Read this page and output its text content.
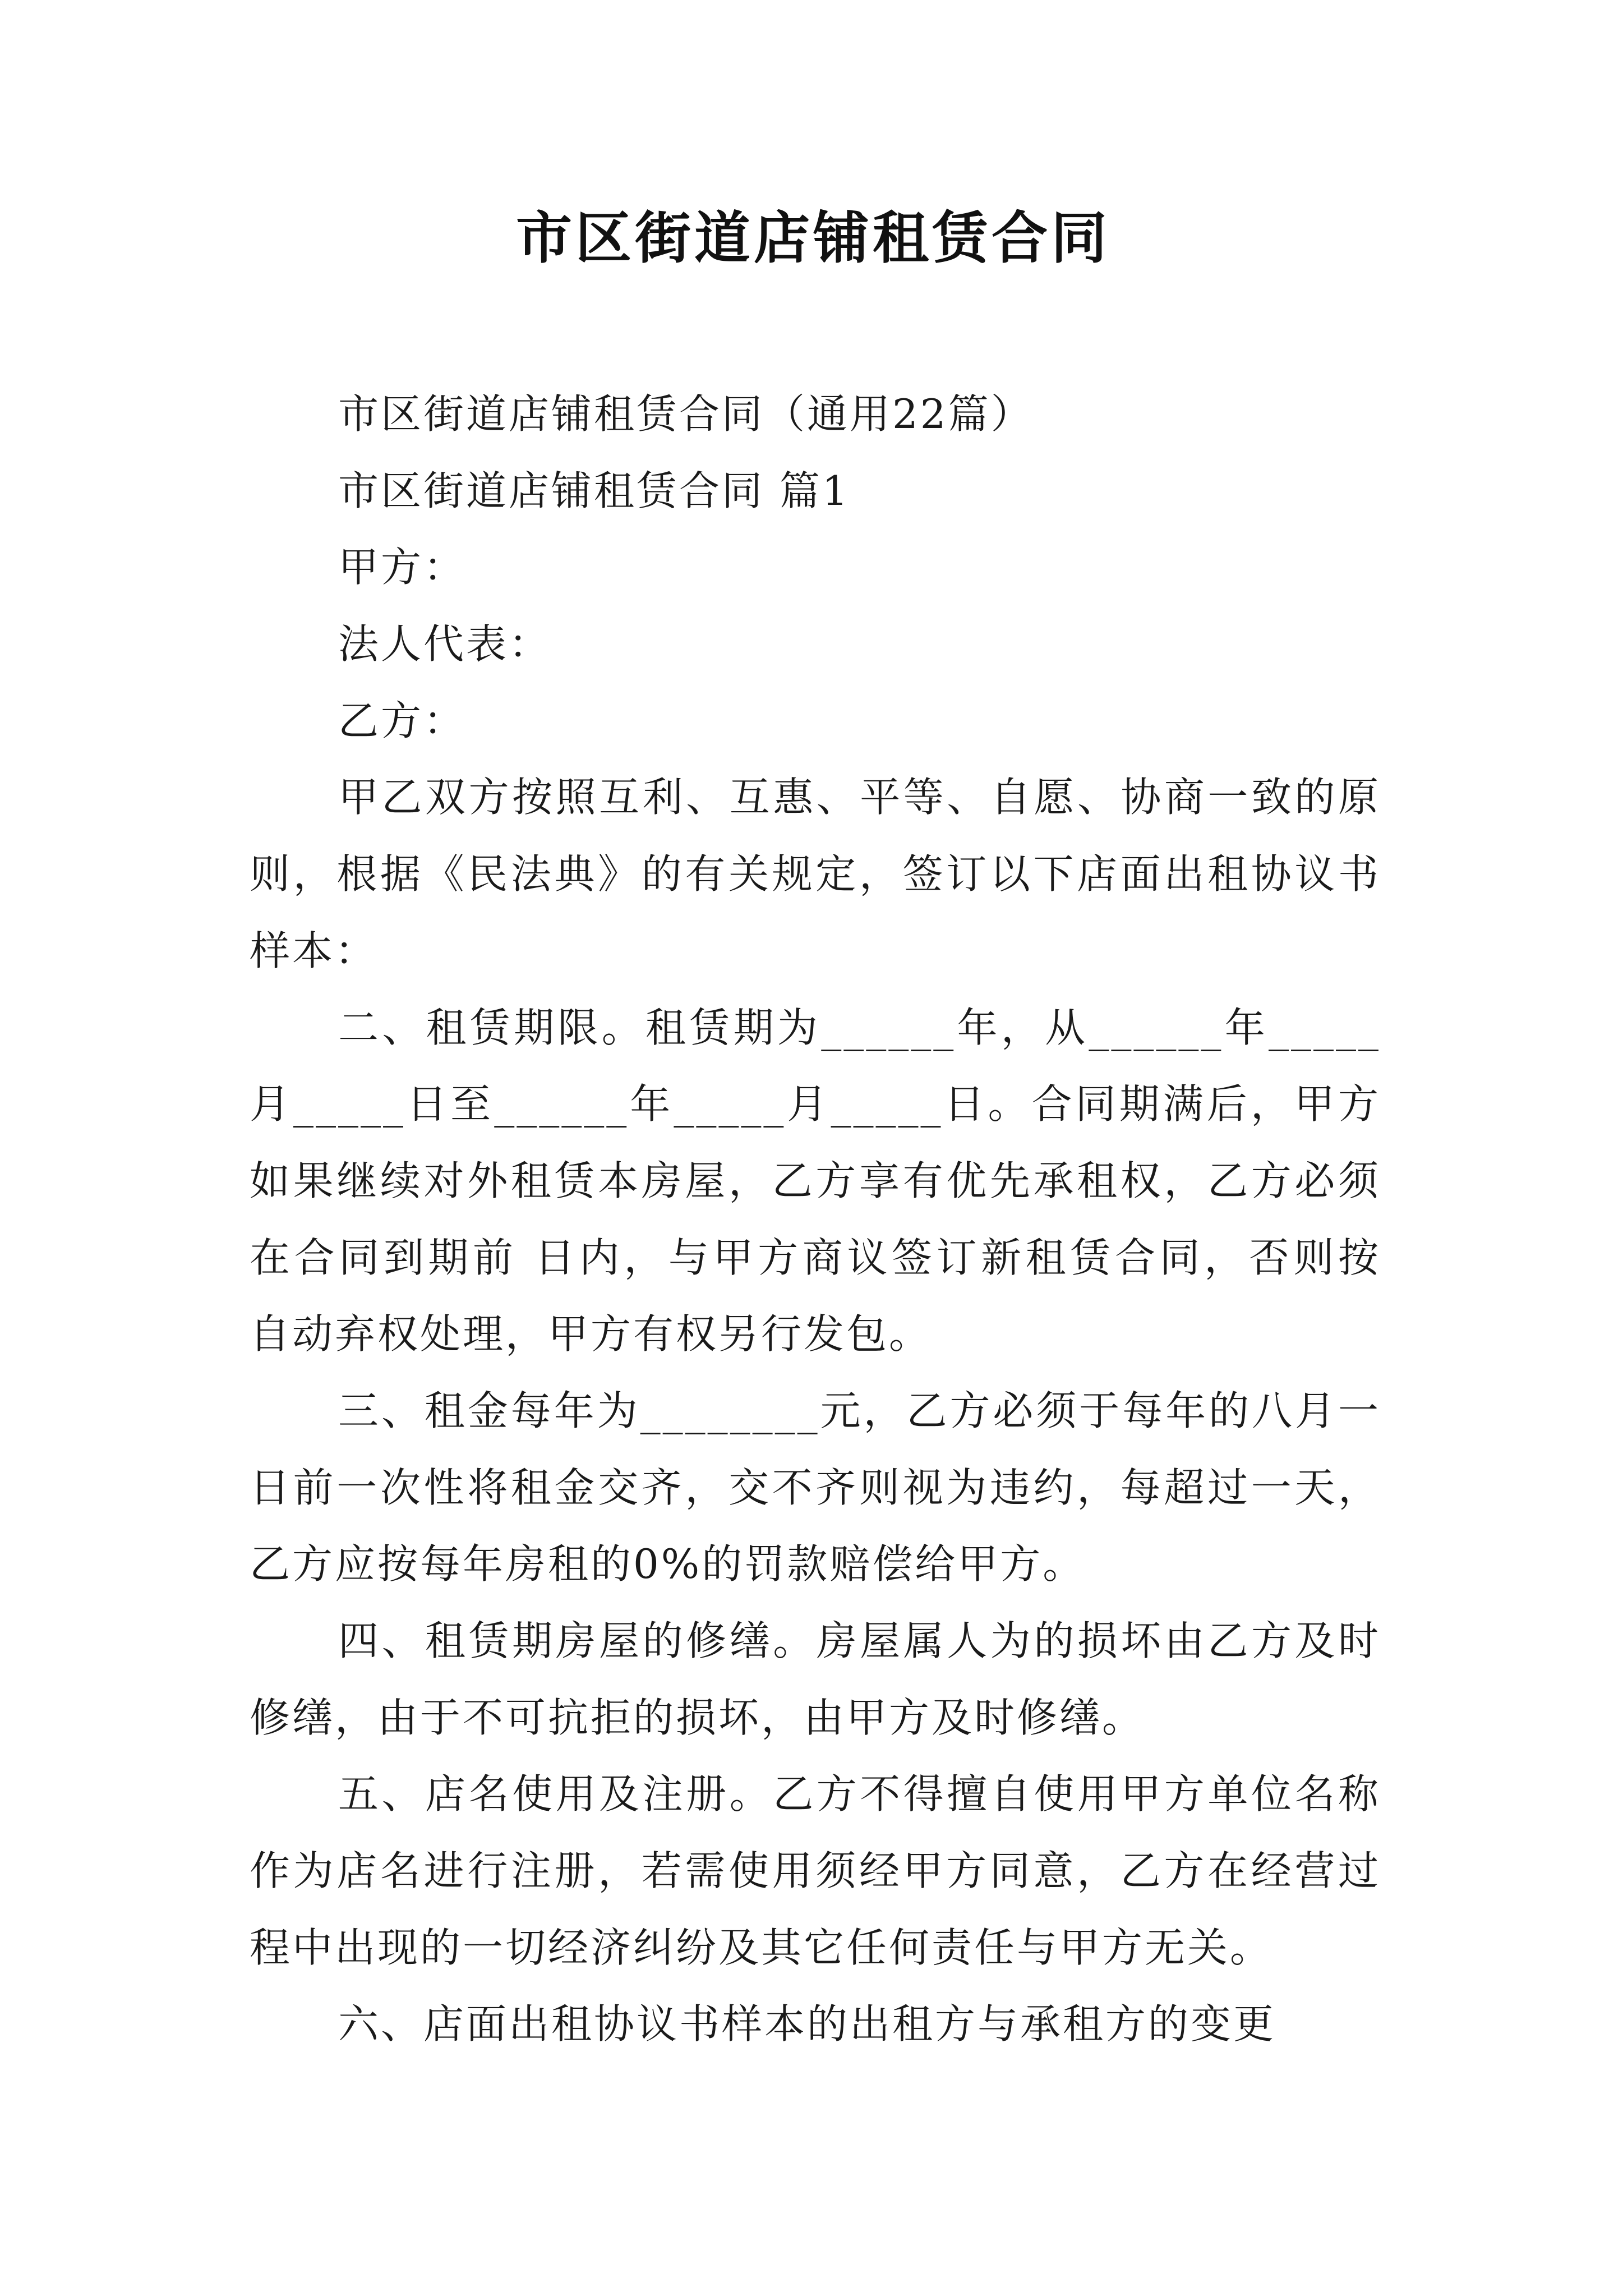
市区街道店铺租赁合同
市区街道店铺租赁合同（通用22篇）
市区街道店铺租赁合同 篇1
甲方：
法人代表：
乙方：
甲乙双方按照互利、互惠、平等、自愿、协商一致的原
则，根据《民法典》的有关规定，签订以下店面出租协议书
样本：
二、租赁期限。租赁期为______年，从______年_____
月_____日至______年_____月_____日。合同期满后，甲方
如果继续对外租赁本房屋，乙方享有优先承租权，乙方必须
在合同到期前 日内，与甲方商议签订新租赁合同，否则按
自动弃权处理，甲方有权另行发包。
三、租金每年为________元，乙方必须于每年的八月一
日前一次性将租金交齐，交不齐则视为违约，每超过一天，
乙方应按每年房租的0%的罚款赔偿给甲方。
四、租赁期房屋的修缮。房屋属人为的损坏由乙方及时
修缮，由于不可抗拒的损坏，由甲方及时修缮。
五、店名使用及注册。乙方不得擅自使用甲方单位名称
作为店名进行注册，若需使用须经甲方同意，乙方在经营过
程中出现的一切经济纠纷及其它任何责任与甲方无关。
六、店面出租协议书样本的出租方与承租方的变更
